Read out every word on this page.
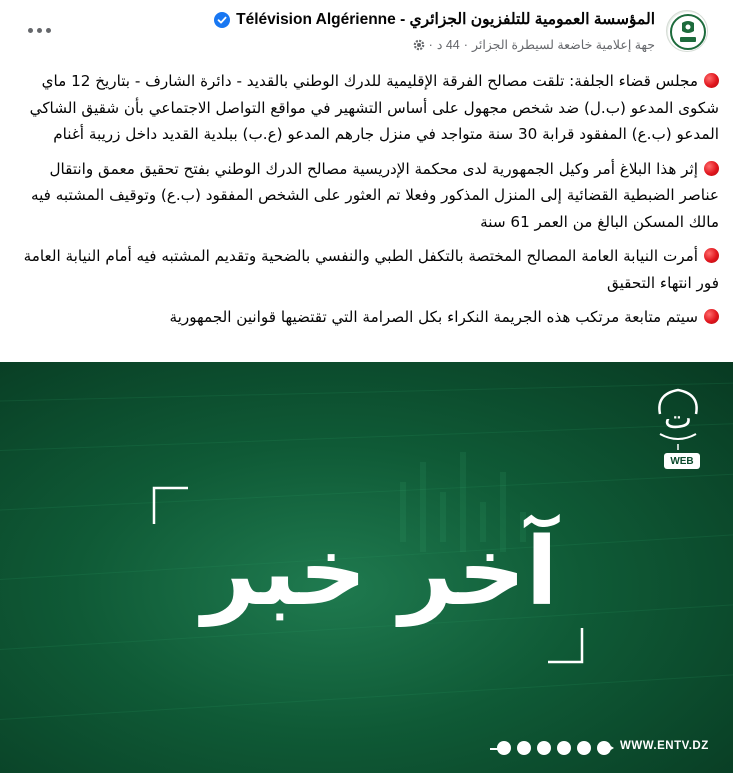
المؤسسة العمومية للتلفزيون الجزائري - Télévision Algérienne
جهة إعلامية خاضعة لسيطرة الجزائر
·
44 د
·

مجلس قضاء الجلفة: تلقت مصالح الفرقة الإقليمية للدرك الوطني بالقديد - دائرة الشارف - بتاريخ 12 ماي شكوى المدعو (ب.ل) ضد شخص مجهول على أساس التشهير في مواقع التواصل الاجتماعي بأن شقيق الشاكي المدعو (ب.ع) المفقود قرابة 30 سنة متواجد في منزل جارهم المدعو (ع.ب) ببلدية القديد داخل زريبة أغنام

إثر هذا البلاغ أمر وكيل الجمهورية لدى محكمة الإدريسية مصالح الدرك الوطني بفتح تحقيق معمق وانتقال عناصر الضبطية القضائية إلى المنزل المذكور وفعلا تم العثور على الشخص المفقود (ب.ع) وتوقيف المشتبه فيه مالك المسكن البالغ من العمر 61 سنة

أمرت النيابة العامة المصالح المختصة بالتكفل الطبي والنفسي بالضحية وتقديم المشتبه فيه أمام النيابة العامة فور انتهاء التحقيق

سيتم متابعة مرتكب هذه الجريمة النكراء بكل الصرامة التي تقتضيها قوانين الجمهورية

آخر خبر
ت
WEB
WWW.ENTV.DZ
